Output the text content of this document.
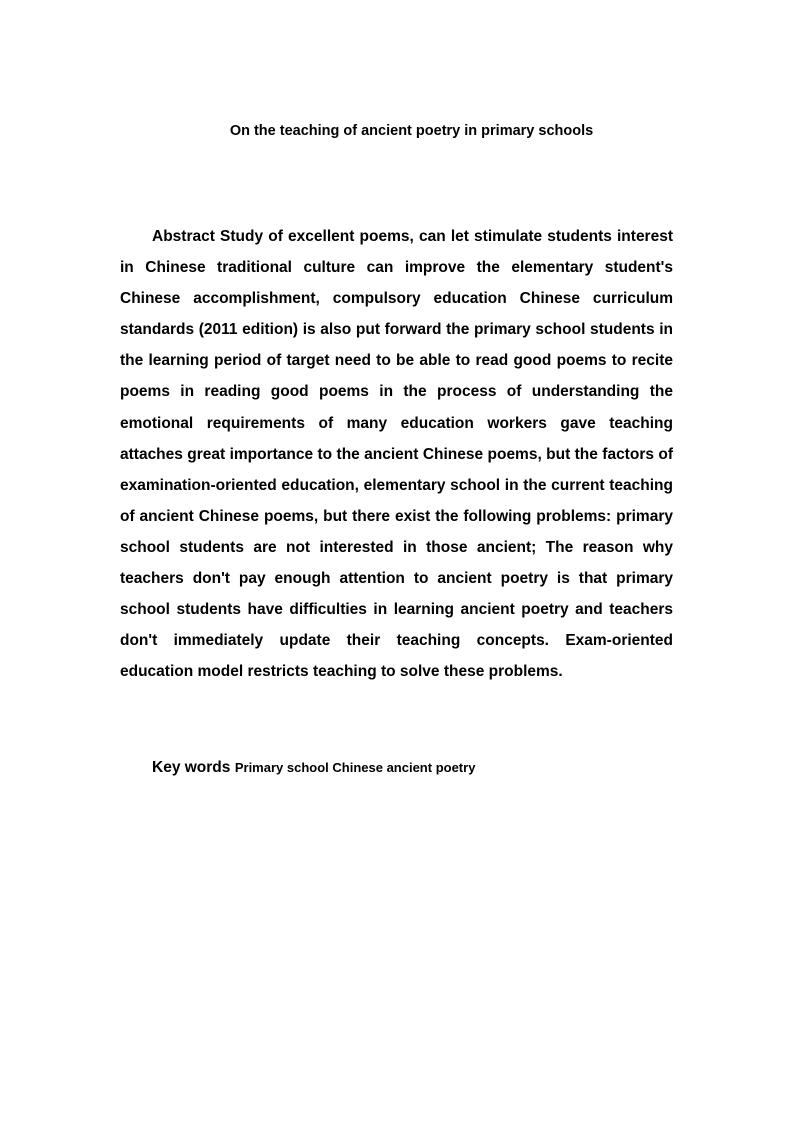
On the teaching of ancient poetry in primary schools

Abstract Study of excellent poems, can let stimulate students interest in Chinese traditional culture can improve the elementary student's Chinese accomplishment, compulsory education Chinese curriculum standards (2011 edition) is also put forward the primary school students in the learning period of target need to be able to read good poems to recite poems in reading good poems in the process of understanding the emotional requirements of many education workers gave teaching attaches great importance to the ancient Chinese poems, but the factors of examination-oriented education, elementary school in the current teaching of ancient Chinese poems, but there exist the following problems: primary school students are not interested in those ancient; The reason why teachers don't pay enough attention to ancient poetry is that primary school students have difficulties in learning ancient poetry and teachers don't immediately update their teaching concepts. Exam-oriented education model restricts teaching to solve these problems.

Key words Primary school Chinese ancient poetry
